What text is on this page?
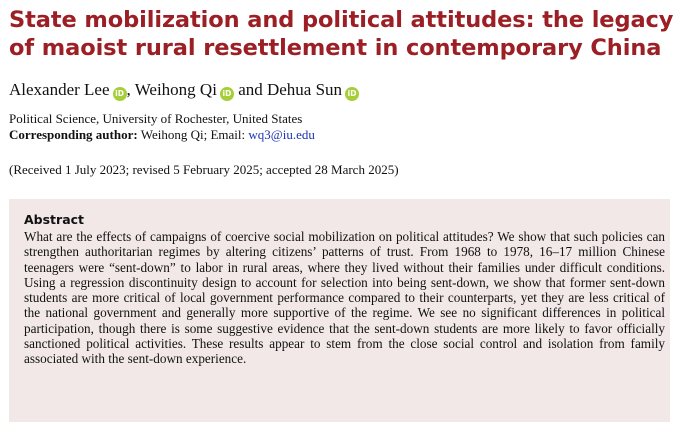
State mobilization and political attitudes: the legacy of maoist rural resettlement in contemporary China
Alexander Lee iD , Weihong Qi iD and Dehua Sun iD
Political Science, University of Rochester, United States
Corresponding author: Weihong Qi; Email: wq3@iu.edu
(Received 1 July 2023; revised 5 February 2025; accepted 28 March 2025)
Abstract

What are the effects of campaigns of coercive social mobilization on political attitudes? We show that such policies can strengthen authoritarian regimes by altering citizens’ patterns of trust. From 1968 to 1978, 16–17 million Chinese teenagers were “sent-down” to labor in rural areas, where they lived without their families under difficult conditions. Using a regression discontinuity design to account for selection into being sent-down, we show that former sent-down students are more critical of local government performance compared to their counterparts, yet they are less critical of the national government and generally more supportive of the regime. We see no significant differences in political participation, though there is some suggestive evidence that the sent-down students are more likely to favor officially sanctioned political activities. These results appear to stem from the close social control and isolation from family associated with the sent-down experience.
